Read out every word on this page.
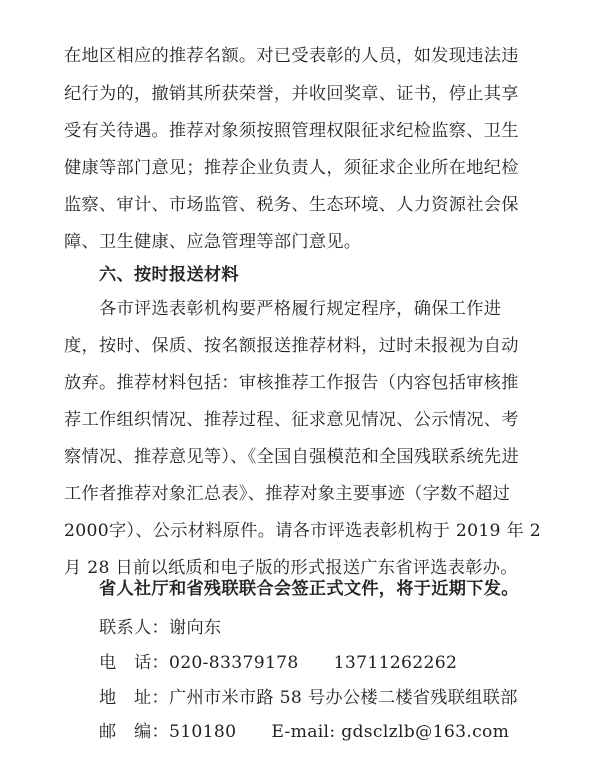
在地区相应的推荐名额。对已受表彰的人员，如发现违法违
纪行为的，撤销其所获荣誉，并收回奖章、证书，停止其享
受有关待遇。推荐对象须按照管理权限征求纪检监察、卫生
健康等部门意见；推荐企业负责人，须征求企业所在地纪检
监察、审计、市场监管、税务、生态环境、人力资源社会保
障、卫生健康、应急管理等部门意见。
六、按时报送材料
各市评选表彰机构要严格履行规定程序，确保工作进
度，按时、保质、按名额报送推荐材料，过时未报视为自动
放弃。推荐材料包括：审核推荐工作报告（内容包括审核推
荐工作组织情况、推荐过程、征求意见情况、公示情况、考
察情况、推荐意见等）、《全国自强模范和全国残联系统先进
工作者推荐对象汇总表》、推荐对象主要事迹（字数不超过
2000字）、公示材料原件。请各市评选表彰机构于 2019 年 2
月 28 日前以纸质和电子版的形式报送广东省评选表彰办。
省人社厅和省残联联合会签正式文件，将于近期下发。
联系人：谢向东
电　话：020-83379178　　13711262262
地　址：广州市米市路 58 号办公楼二楼省残联组联部
邮　编：510180　　E-mail: gdsclzlb@163.com
